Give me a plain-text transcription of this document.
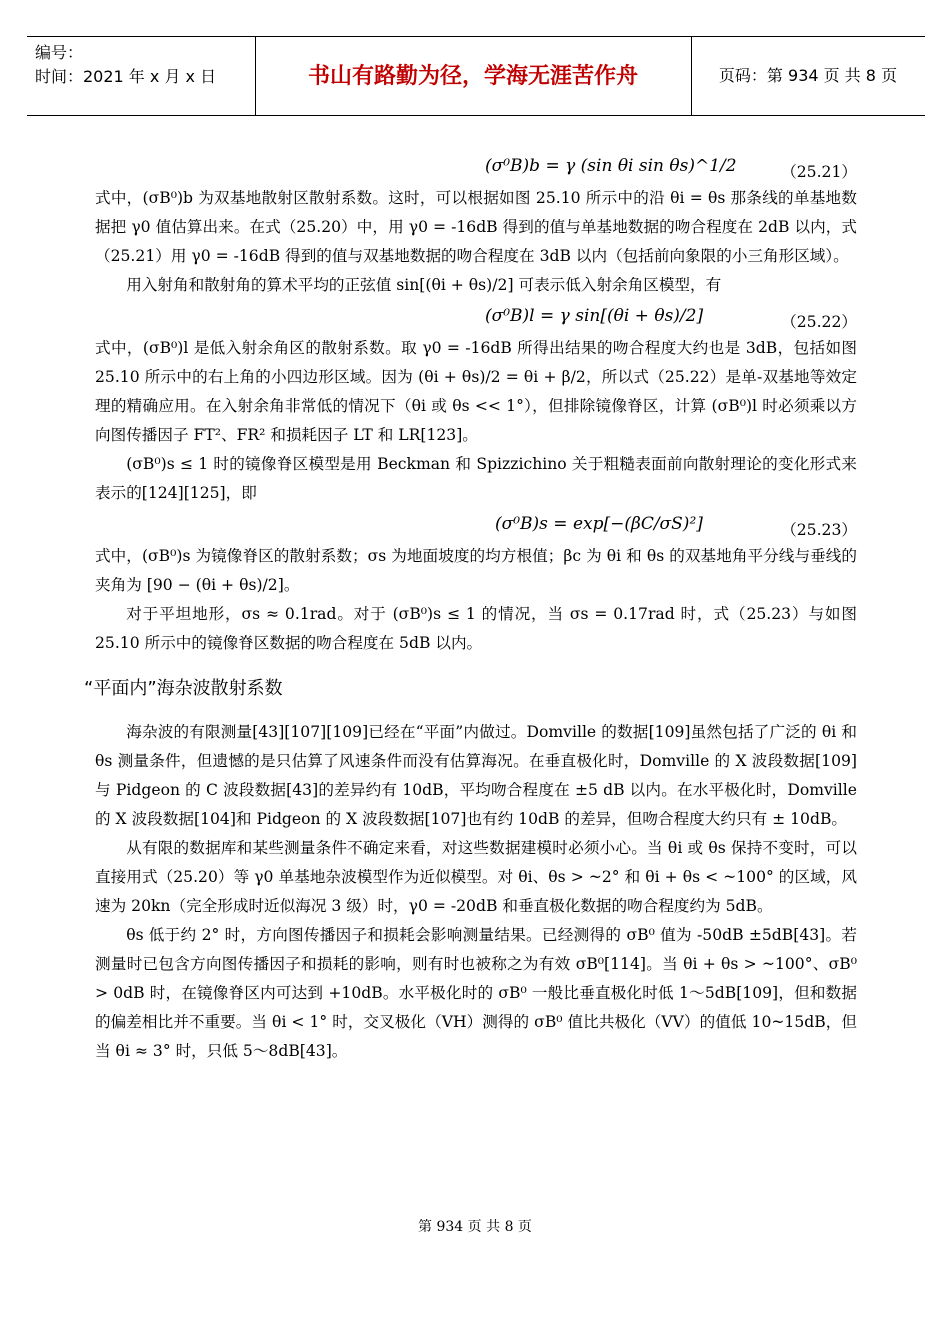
编号：
时间：2021 年 x 月 x 日	书山有路勤为径，学海无涯苦作舟	页码：第 934 页 共 8 页
(σ⁰B)b = γ (sin θi sin θs)^1/2	（25.21）

式中，(σB⁰)b 为双基地散射区散射系数。这时，可以根据如图 25.10 所示中的沿 θi = θs 那条线的单基地数据把 γ0 值估算出来。在式（25.20）中，用 γ0 = -16dB 得到的值与单基地数据的吻合程度在 2dB 以内，式（25.21）用 γ0 = -16dB 得到的值与双基地数据的吻合程度在 3dB 以内（包括前向象限的小三角形区域）。

用入射角和散射角的算术平均的正弦值 sin[(θi + θs)/2] 可表示低入射余角区模型，有

(σ⁰B)l = γ sin[(θi + θs)/2]	（25.22）

式中，(σB⁰)l 是低入射余角区的散射系数。取 γ0 = -16dB 所得出结果的吻合程度大约也是 3dB，包括如图 25.10 所示中的右上角的小四边形区域。因为 (θi + θs)/2 = θi + β/2，所以式（25.22）是单-双基地等效定理的精确应用。在入射余角非常低的情况下（θi 或 θs << 1°），但排除镜像脊区，计算 (σB⁰)l 时必须乘以方向图传播因子 FT²、FR² 和损耗因子 LT 和 LR[123]。

(σB⁰)s ≤ 1 时的镜像脊区模型是用 Beckman 和 Spizzichino 关于粗糙表面前向散射理论的变化形式来表示的[124][125]，即

(σ⁰B)s = exp[−(βC/σS)²]	（25.23）

式中，(σB⁰)s 为镜像脊区的散射系数；σs 为地面坡度的均方根值；βc 为 θi 和 θs 的双基地角平分线与垂线的夹角为 [90 − (θi + θs)/2]。

对于平坦地形，σs ≈ 0.1rad。对于 (σB⁰)s ≤ 1 的情况，当 σs = 0.17rad 时，式（25.23）与如图 25.10 所示中的镜像脊区数据的吻合程度在 5dB 以内。

“平面内”海杂波散射系数

海杂波的有限测量[43][107][109]已经在“平面”内做过。Domville 的数据[109]虽然包括了广泛的 θi 和 θs 测量条件，但遗憾的是只估算了风速条件而没有估算海况。在垂直极化时，Domville 的 X 波段数据[109]与 Pidgeon 的 C 波段数据[43]的差异约有 10dB，平均吻合程度在 ±5 dB 以内。在水平极化时，Domville 的 X 波段数据[104]和 Pidgeon 的 X 波段数据[107]也有约 10dB 的差异，但吻合程度大约只有 ± 10dB。

从有限的数据库和某些测量条件不确定来看，对这些数据建模时必须小心。当 θi 或 θs 保持不变时，可以直接用式（25.20）等 γ0 单基地杂波模型作为近似模型。对 θi、θs > ~2° 和 θi + θs < ~100° 的区域，风速为 20kn（完全形成时近似海况 3 级）时，γ0 = -20dB 和垂直极化数据的吻合程度约为 5dB。

θs 低于约 2° 时，方向图传播因子和损耗会影响测量结果。已经测得的 σB⁰ 值为 -50dB ±5dB[43]。若测量时已包含方向图传播因子和损耗的影响，则有时也被称之为有效 σB⁰[114]。当 θi + θs > ~100°、σB⁰ > 0dB 时，在镜像脊区内可达到 +10dB。水平极化时的 σB⁰ 一般比垂直极化时低 1～5dB[109]，但和数据的偏差相比并不重要。当 θi < 1° 时，交叉极化（VH）测得的 σB⁰ 值比共极化（VV）的值低 10~15dB，但当 θi ≈ 3° 时，只低 5～8dB[43]。

第 934 页 共 8 页
